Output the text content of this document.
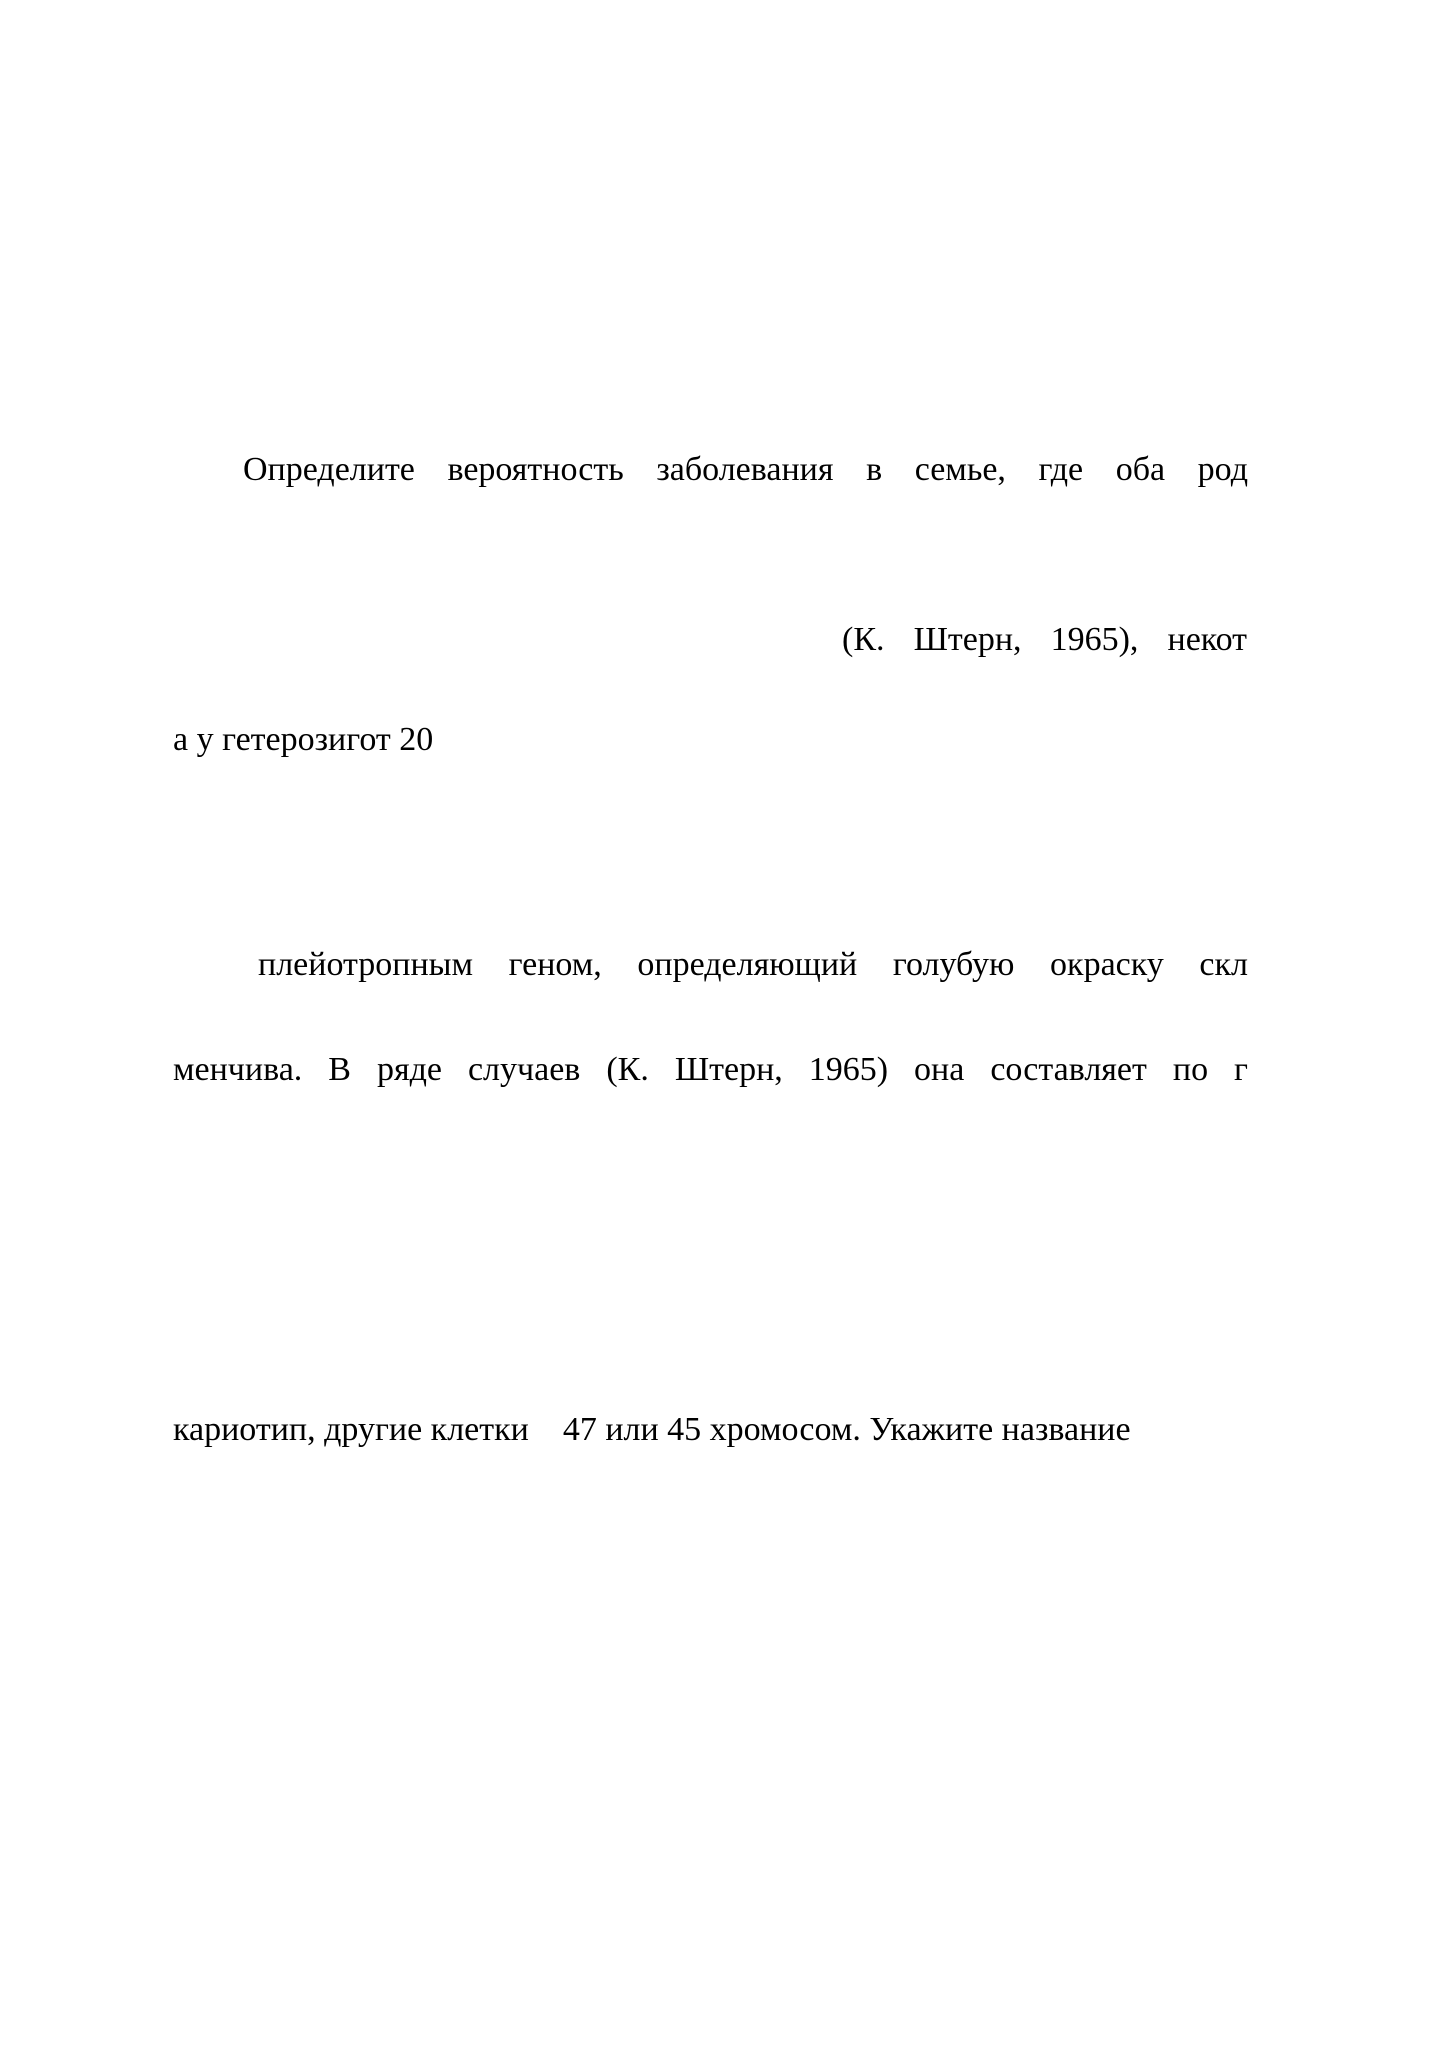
Определите вероятность заболевания в семье, где оба род
(К. Штерн, 1965), некот
а у гетерозигот 20
плейотропным геном, определяющий голубую окраску скл
менчива. В ряде случаев (К. Штерн, 1965) она составляет по г
кариотип, другие клетки    47 или 45 хромосом. Укажите название
